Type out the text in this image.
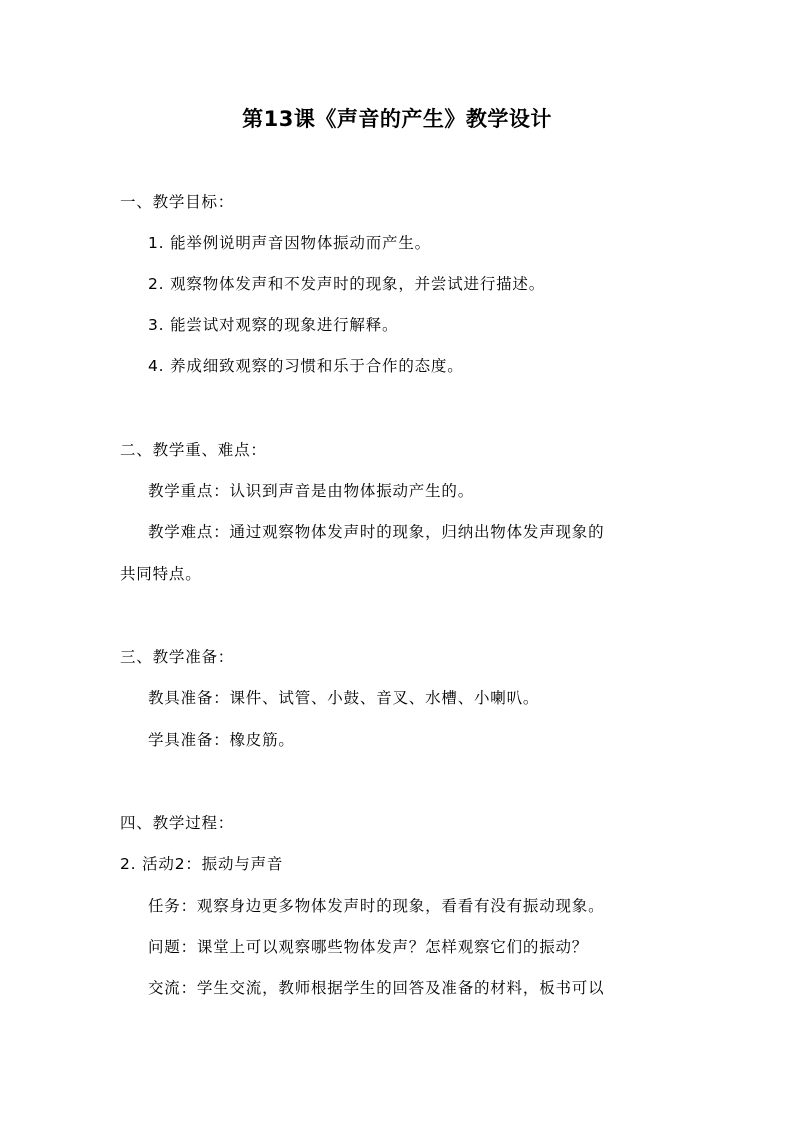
第13课《声音的产生》教学设计
一、教学目标：
1. 能举例说明声音因物体振动而产生。
2. 观察物体发声和不发声时的现象，并尝试进行描述。
3. 能尝试对观察的现象进行解释。
4. 养成细致观察的习惯和乐于合作的态度。
二、教学重、难点：
教学重点：认识到声音是由物体振动产生的。
教学难点：通过观察物体发声时的现象，归纳出物体发声现象的
共同特点。
三、教学准备：
教具准备：课件、试管、小鼓、音叉、水槽、小喇叭。
学具准备：橡皮筋。
四、教学过程：
2. 活动2：振动与声音
任务：观察身边更多物体发声时的现象，看看有没有振动现象。
问题：课堂上可以观察哪些物体发声？怎样观察它们的振动？
交流：学生交流，教师根据学生的回答及准备的材料，板书可以
